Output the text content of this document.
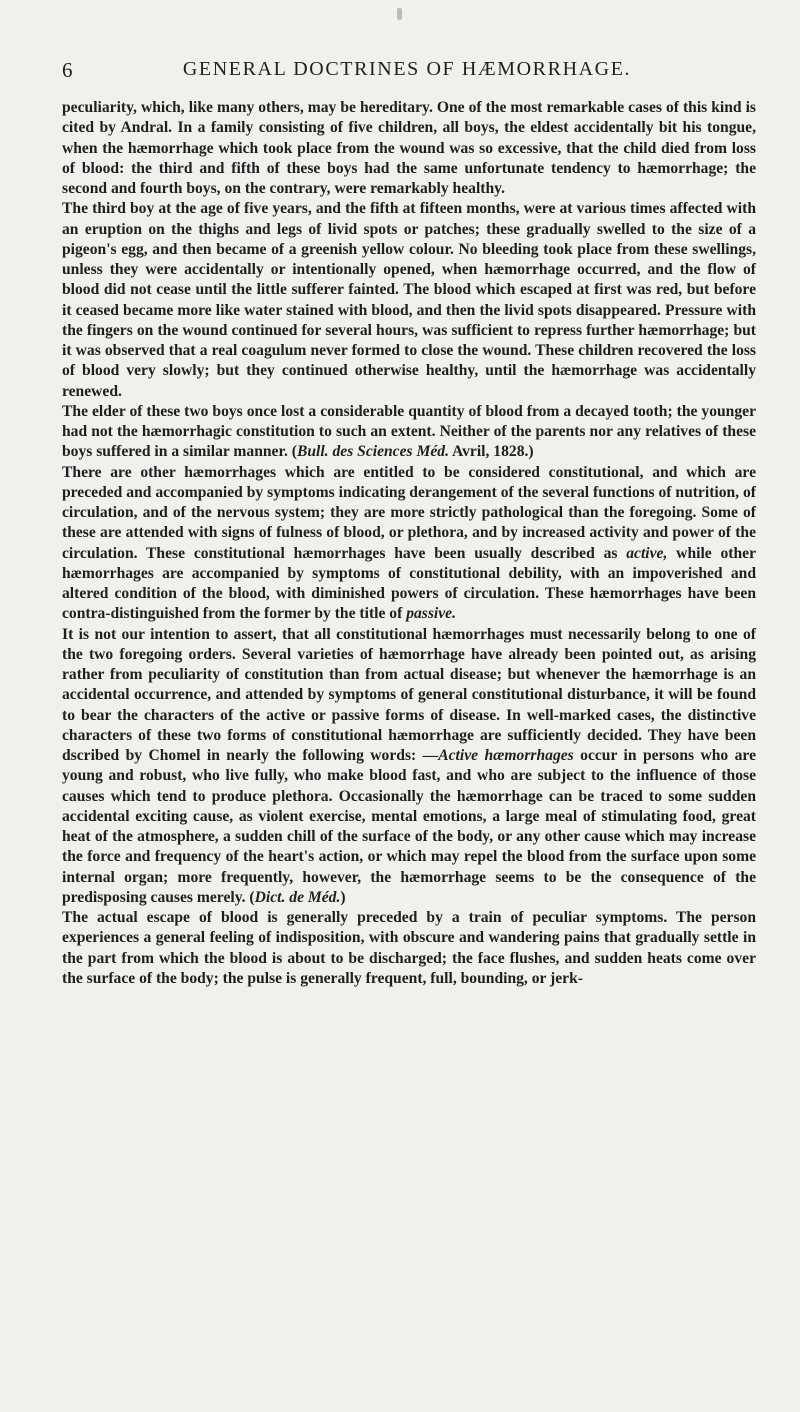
6	GENERAL DOCTRINES OF HÆMORRHAGE.

peculiarity, which, like many others, may be hereditary. One of the most remarkable cases of this kind is cited by Andral. In a family consisting of five children, all boys, the eldest accidentally bit his tongue, when the hæmorrhage which took place from the wound was so excessive, that the child died from loss of blood: the third and fifth of these boys had the same unfortunate tendency to hæmorrhage; the second and fourth boys, on the contrary, were remarkably healthy.

The third boy at the age of five years, and the fifth at fifteen months, were at various times affected with an eruption on the thighs and legs of livid spots or patches; these gradually swelled to the size of a pigeon's egg, and then became of a greenish yellow colour. No bleeding took place from these swellings, unless they were accidentally or intentionally opened, when hæmorrhage occurred, and the flow of blood did not cease until the little sufferer fainted. The blood which escaped at first was red, but before it ceased became more like water stained with blood, and then the livid spots disappeared. Pressure with the fingers on the wound continued for several hours, was sufficient to repress further hæmorrhage; but it was observed that a real coagulum never formed to close the wound. These children recovered the loss of blood very slowly; but they continued otherwise healthy, until the hæmorrhage was accidentally renewed.

The elder of these two boys once lost a considerable quantity of blood from a decayed tooth; the younger had not the hæmorrhagic constitution to such an extent. Neither of the parents nor any relatives of these boys suffered in a similar manner. (Bull. des Sciences Méd. Avril, 1828.)

There are other hæmorrhages which are entitled to be considered constitutional, and which are preceded and accompanied by symptoms indicating derangement of the several functions of nutrition, of circulation, and of the nervous system; they are more strictly pathological than the foregoing. Some of these are attended with signs of fulness of blood, or plethora, and by increased activity and power of the circulation. These constitutional hæmorrhages have been usually described as active, while other hæmorrhages are accompanied by symptoms of constitutional debility, with an impoverished and altered condition of the blood, with diminished powers of circulation. These hæmorrhages have been contra-distinguished from the former by the title of passive.

It is not our intention to assert, that all constitutional hæmorrhages must necessarily belong to one of the two foregoing orders. Several varieties of hæmorrhage have already been pointed out, as arising rather from peculiarity of constitution than from actual disease; but whenever the hæmorrhage is an accidental occurrence, and attended by symptoms of general constitutional disturbance, it will be found to bear the characters of the active or passive forms of disease. In well-marked cases, the distinctive characters of these two forms of constitutional hæmorrhage are sufficiently decided. They have been dscribed by Chomel in nearly the following words: —Active hæmorrhages occur in persons who are young and robust, who live fully, who make blood fast, and who are subject to the influence of those causes which tend to produce plethora. Occasionally the hæmorrhage can be traced to some sudden accidental exciting cause, as violent exercise, mental emotions, a large meal of stimulating food, great heat of the atmosphere, a sudden chill of the surface of the body, or any other cause which may increase the force and frequency of the heart's action, or which may repel the blood from the surface upon some internal organ; more frequently, however, the hæmorrhage seems to be the consequence of the predisposing causes merely. (Dict. de Méd.)

The actual escape of blood is generally preceded by a train of peculiar symptoms. The person experiences a general feeling of indisposition, with obscure and wandering pains that gradually settle in the part from which the blood is about to be discharged; the face flushes, and sudden heats come over the surface of the body; the pulse is generally frequent, full, bounding, or jerk-
